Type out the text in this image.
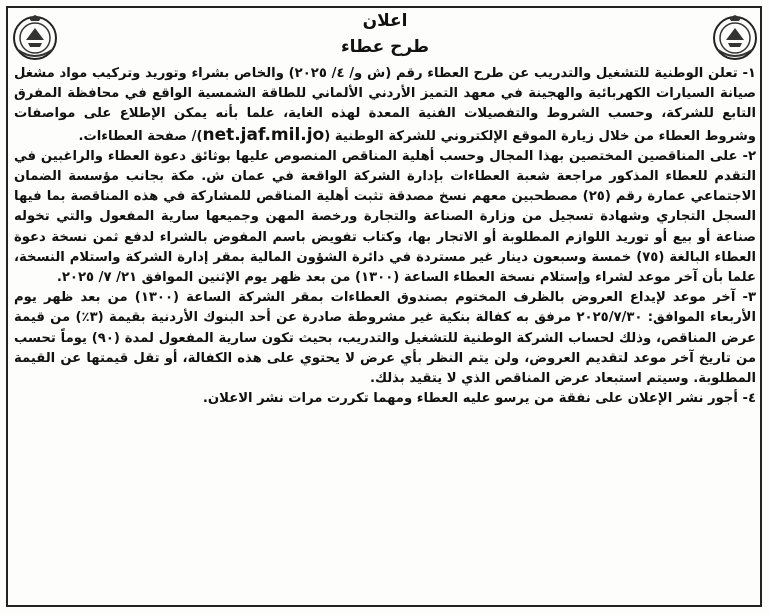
اعلان
طرح عطاء

١- تعلن الوطنية للتشغيل والتدريب عن طرح العطاء رقم (ش و/ ٤/ ٢٠٢٥) والخاص بشراء وتوريد وتركيب مواد مشغل صيانة السيارات الكهربائية والهجينة في معهد التميز الأردني الألماني للطاقة الشمسية الواقع في محافظة المفرق التابع للشركة، وحسب الشروط والتفصيلات الفنية المعدة لهذه الغاية، علما بأنه يمكن الإطلاع على مواصفات وشروط العطاء من خلال زيارة الموقع الإلكتروني للشركة الوطنية (net.jaf.mil.jo)/ صفحة العطاءات.

٢- على المناقصين المختصين بهذا المجال وحسب أهلية المناقص المنصوص عليها بوثائق دعوة العطاء والراغبين في التقدم للعطاء المذكور مراجعة شعبة العطاءات بإدارة الشركة الواقعة في عمان ش. مكة بجانب مؤسسة الضمان الاجتماعي عمارة رقم (٢٥) مصطحبين معهم نسخ مصدقة تثبت أهلية المناقص للمشاركة في هذه المناقصة بما فيها السجل التجاري وشهادة تسجيل من وزارة الصناعة والتجارة ورخصة المهن وجميعها سارية المفعول والتي تخوله صناعة أو بيع أو توريد اللوازم المطلوبة أو الاتجار بها، وكتاب تفويض باسم المفوض بالشراء لدفع ثمن نسخة دعوة العطاء البالغة (٧٥) خمسة وسبعون دينار غير مستردة في دائرة الشؤون المالية بمقر إدارة الشركة واستلام النسخة، علما بأن آخر موعد لشراء وإستلام نسخة العطاء الساعة (١٣٠٠) من بعد ظهر يوم الإثنين الموافق ٢١/ ٧/ ٢٠٢٥.

٣- آخر موعد لإيداع العروض بالظرف المختوم بصندوق العطاءات بمقر الشركة الساعة (١٣٠٠) من بعد ظهر يوم الأربعاء الموافق: ٢٠٢٥/٧/٣٠ مرفق به كفالة بنكية غير مشروطة صادرة عن أحد البنوك الأردنية بقيمة (٣٪) من قيمة عرض المناقص، وذلك لحساب الشركة الوطنية للتشغيل والتدريب، بحيث تكون سارية المفعول لمدة (٩٠) يوماً تحسب من تاريخ آخر موعد لتقديم العروض، ولن يتم النظر بأي عرض لا يحتوي على هذه الكفالة، أو تقل قيمتها عن القيمة المطلوبة. وسيتم استبعاد عرض المناقص الذي لا يتقيد بذلك.

٤- أجور نشر الإعلان على نفقة من يرسو عليه العطاء ومهما تكررت مرات نشر الاعلان.
